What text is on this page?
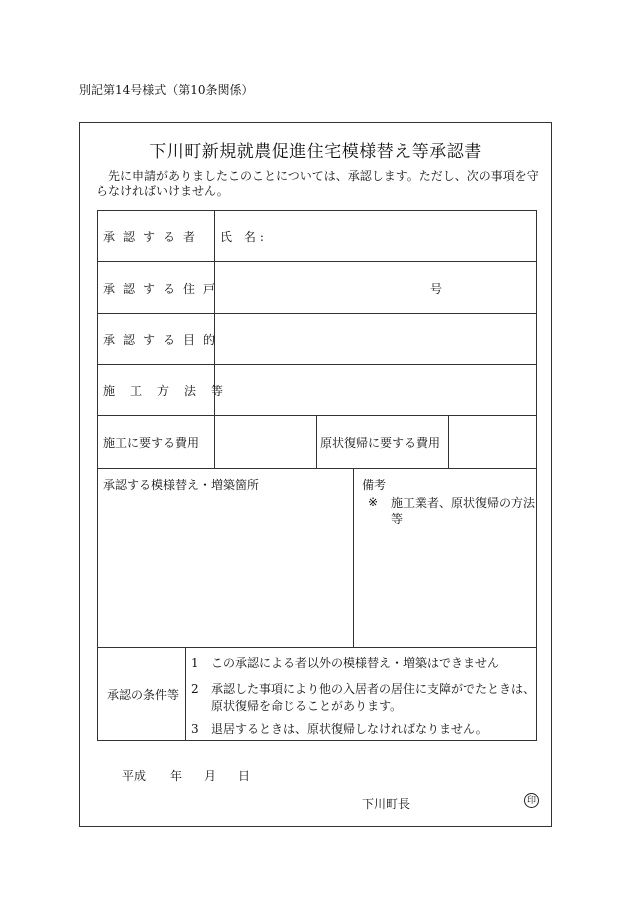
別記第14号様式（第10条関係）
下川町新規就農促進住宅模様替え等承認書
先に申請がありましたこのことについては、承認します。ただし、次の事項を守らなければいけません。
承認する者 氏 名:
承認する住戸	号
承認する目的
施工方法等
施工に要する費用	原状復帰に要する費用
承認する模様替え・増築箇所	備考
※ 施工業者、原状復帰の方法等
承認の条件等
1 この承認による者以外の模様替え・増築はできません
2 承認した事項により他の入居者の居住に支障がでたときは、原状復帰を命じることがあります。
3 退居するときは、原状復帰しなければなりません。
平成 年 月 日
下川町長	印
